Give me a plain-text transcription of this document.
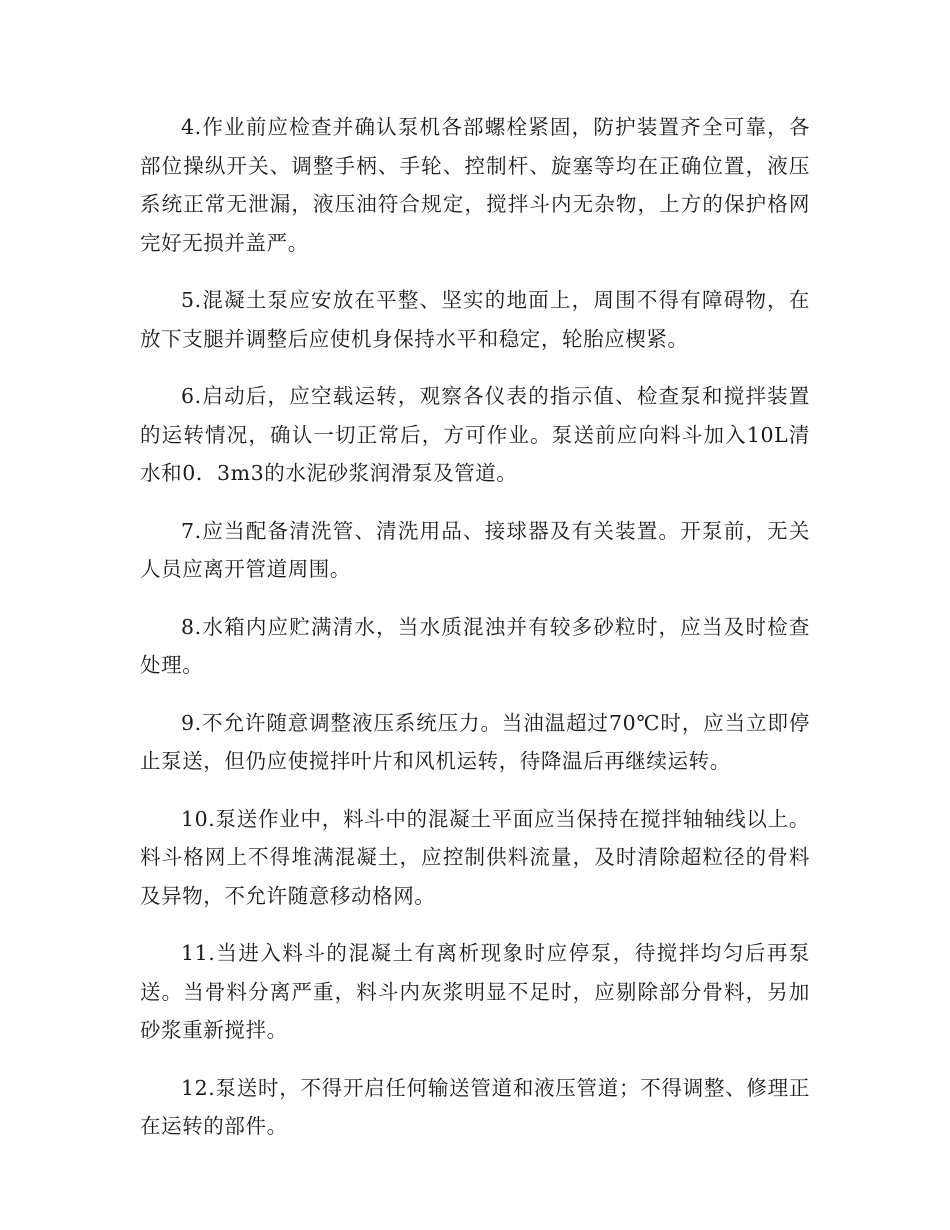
4.作业前应检查并确认泵机各部螺栓紧固，防护装置齐全可靠，各部位操纵开关、调整手柄、手轮、控制杆、旋塞等均在正确位置，液压系统正常无泄漏，液压油符合规定，搅拌斗内无杂物，上方的保护格网完好无损并盖严。

5.混凝土泵应安放在平整、坚实的地面上，周围不得有障碍物，在放下支腿并调整后应使机身保持水平和稳定，轮胎应楔紧。

6.启动后，应空载运转，观察各仪表的指示值、检查泵和搅拌装置的运转情况，确认一切正常后，方可作业。泵送前应向料斗加入10L清水和0．3m3的水泥砂浆润滑泵及管道。

7.应当配备清洗管、清洗用品、接球器及有关装置。开泵前，无关人员应离开管道周围。

8.水箱内应贮满清水，当水质混浊并有较多砂粒时，应当及时检查处理。

9.不允许随意调整液压系统压力。当油温超过70℃时，应当立即停止泵送，但仍应使搅拌叶片和风机运转，待降温后再继续运转。

10.泵送作业中，料斗中的混凝土平面应当保持在搅拌轴轴线以上。料斗格网上不得堆满混凝土，应控制供料流量，及时清除超粒径的骨料及异物，不允许随意移动格网。

11.当进入料斗的混凝土有离析现象时应停泵，待搅拌均匀后再泵送。当骨料分离严重，料斗内灰浆明显不足时，应剔除部分骨料，另加砂浆重新搅拌。

12.泵送时，不得开启任何输送管道和液压管道；不得调整、修理正在运转的部件。
